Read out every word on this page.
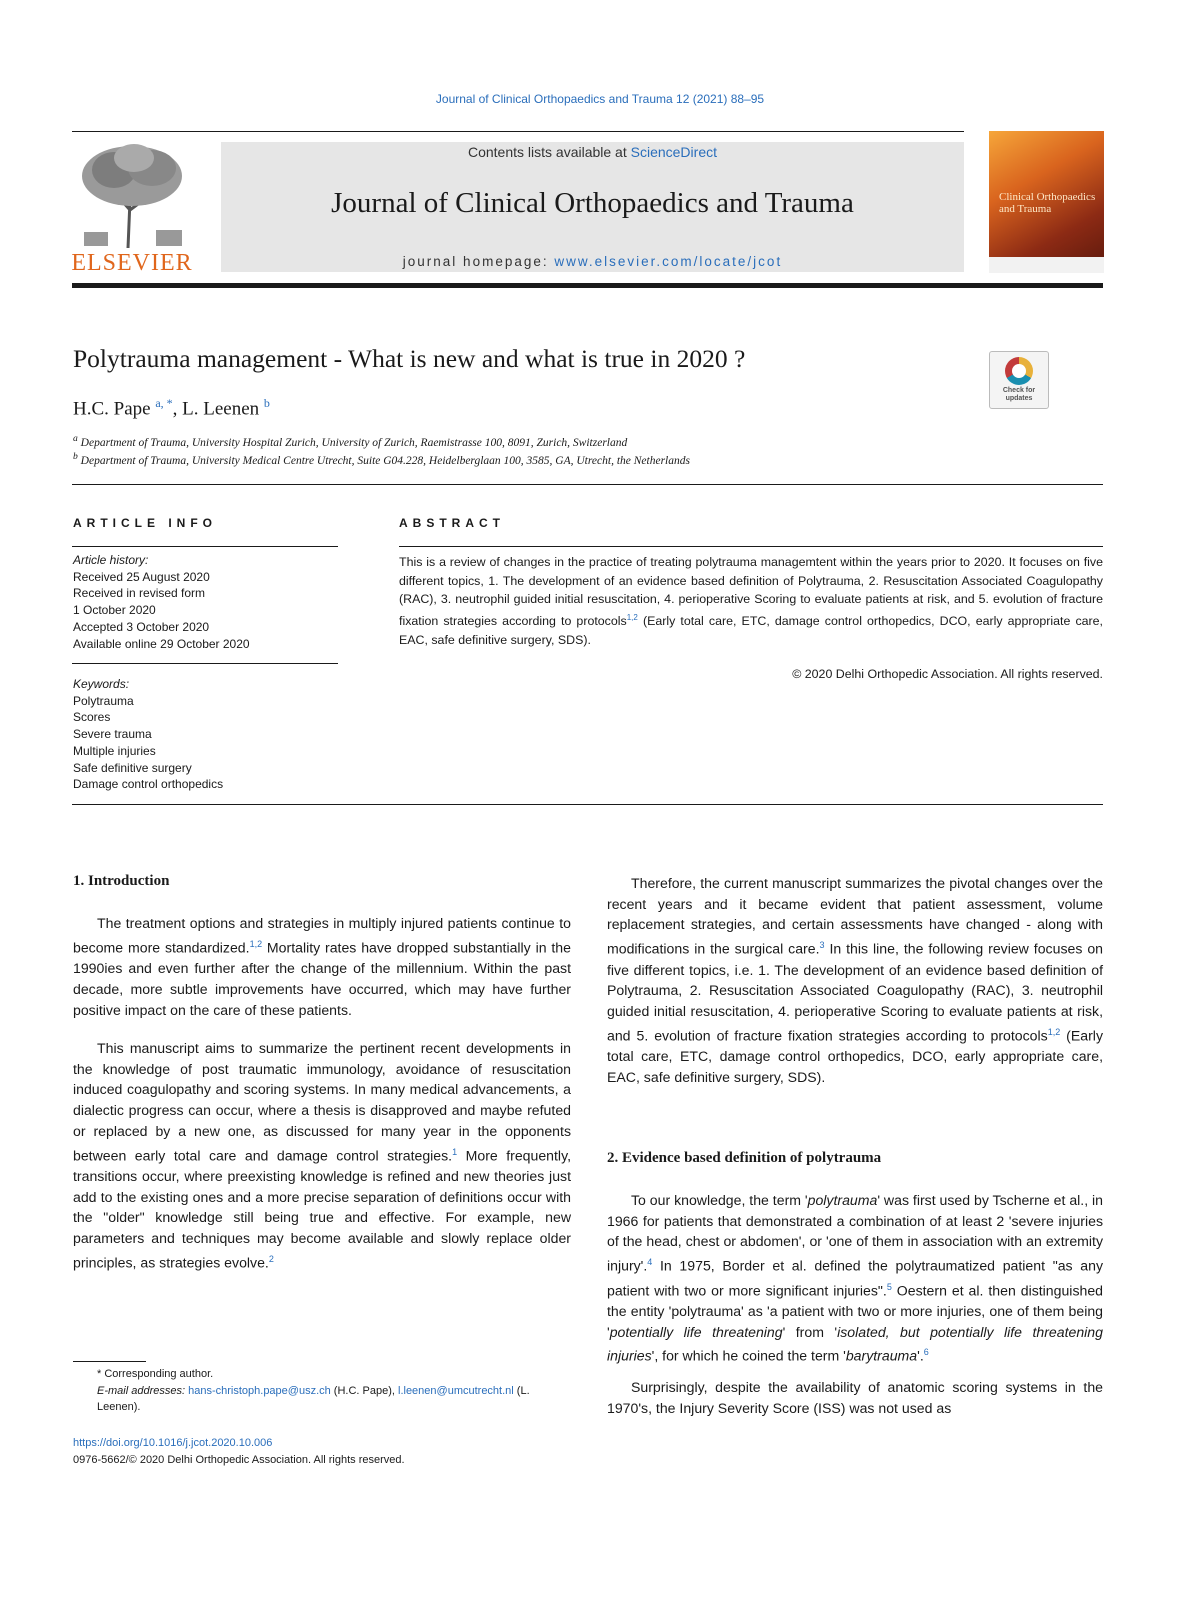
Journal of Clinical Orthopaedics and Trauma 12 (2021) 88–95
ELSEVIER
Contents lists available at ScienceDirect
Journal of Clinical Orthopaedics and Trauma
journal homepage: www.elsevier.com/locate/jcot
Clinical Orthopaedics and Trauma
Polytrauma management - What is new and what is true in 2020 ?
H.C. Pape $^{a, *}$, L. Leenen $^b$
Check for updates
$^a$ Department of Trauma, University Hospital Zurich, University of Zurich, Raemistrasse 100, 8091, Zurich, Switzerland
$^b$ Department of Trauma, University Medical Centre Utrecht, Suite G04.228, Heidelberglaan 100, 3585, GA, Utrecht, the Netherlands
ARTICLE INFO	ABSTRACT
Article history:
Received 25 August 2020
Received in revised form
1 October 2020
Accepted 3 October 2020
Available online 29 October 2020
Keywords:
Polytrauma
Scores
Severe trauma
Multiple injuries
Safe definitive surgery
Damage control orthopedics
This is a review of changes in the practice of treating polytrauma managemtent within the years prior to 2020. It focuses on five different topics, 1. The development of an evidence based definition of Polytrauma, 2. Resuscitation Associated Coagulopathy (RAC), 3. neutrophil guided initial resuscitation, 4. perioperative Scoring to evaluate patients at risk, and 5. evolution of fracture fixation strategies according to protocols$^{1,2}$ (Early total care, ETC, damage control orthopedics, DCO, early appropriate care, EAC, safe definitive surgery, SDS).
© 2020 Delhi Orthopedic Association. All rights reserved.
1. Introduction
The treatment options and strategies in multiply injured patients continue to become more standardized.$^{1,2}$ Mortality rates have dropped substantially in the 1990ies and even further after the change of the millennium. Within the past decade, more subtle improvements have occurred, which may have further positive impact on the care of these patients.
This manuscript aims to summarize the pertinent recent developments in the knowledge of post traumatic immunology, avoidance of resuscitation induced coagulopathy and scoring systems. In many medical advancements, a dialectic progress can occur, where a thesis is disapproved and maybe refuted or replaced by a new one, as discussed for many year in the opponents between early total care and damage control strategies.$^1$ More frequently, transitions occur, where preexisting knowledge is refined and new theories just add to the existing ones and a more precise separation of definitions occur with the "older" knowledge still being true and effective. For example, new parameters and techniques may become available and slowly replace older principles, as strategies evolve.$^2$
* Corresponding author.
E-mail addresses: hans-christoph.pape@usz.ch (H.C. Pape), l.leenen@umcutrecht.nl (L. Leenen).
https://doi.org/10.1016/j.jcot.2020.10.006
0976-5662/© 2020 Delhi Orthopedic Association. All rights reserved.
Therefore, the current manuscript summarizes the pivotal changes over the recent years and it became evident that patient assessment, volume replacement strategies, and certain assessments have changed - along with modifications in the surgical care.$^3$ In this line, the following review focuses on five different topics, i.e. 1. The development of an evidence based definition of Polytrauma, 2. Resuscitation Associated Coagulopathy (RAC), 3. neutrophil guided initial resuscitation, 4. perioperative Scoring to evaluate patients at risk, and 5. evolution of fracture fixation strategies according to protocols$^{1,2}$ (Early total care, ETC, damage control orthopedics, DCO, early appropriate care, EAC, safe definitive surgery, SDS).
2. Evidence based definition of polytrauma
To our knowledge, the term 'polytrauma' was first used by Tscherne et al., in 1966 for patients that demonstrated a combination of at least 2 'severe injuries of the head, chest or abdomen', or 'one of them in association with an extremity injury'.$^4$ In 1975, Border et al. defined the polytraumatized patient "as any patient with two or more significant injuries".$^5$ Oestern et al. then distinguished the entity 'polytrauma' as 'a patient with two or more injuries, one of them being 'potentially life threatening' from 'isolated, but potentially life threatening injuries', for which he coined the term 'barytrauma'.$^6$
Surprisingly, despite the availability of anatomic scoring systems in the 1970's, the Injury Severity Score (ISS) was not used as
